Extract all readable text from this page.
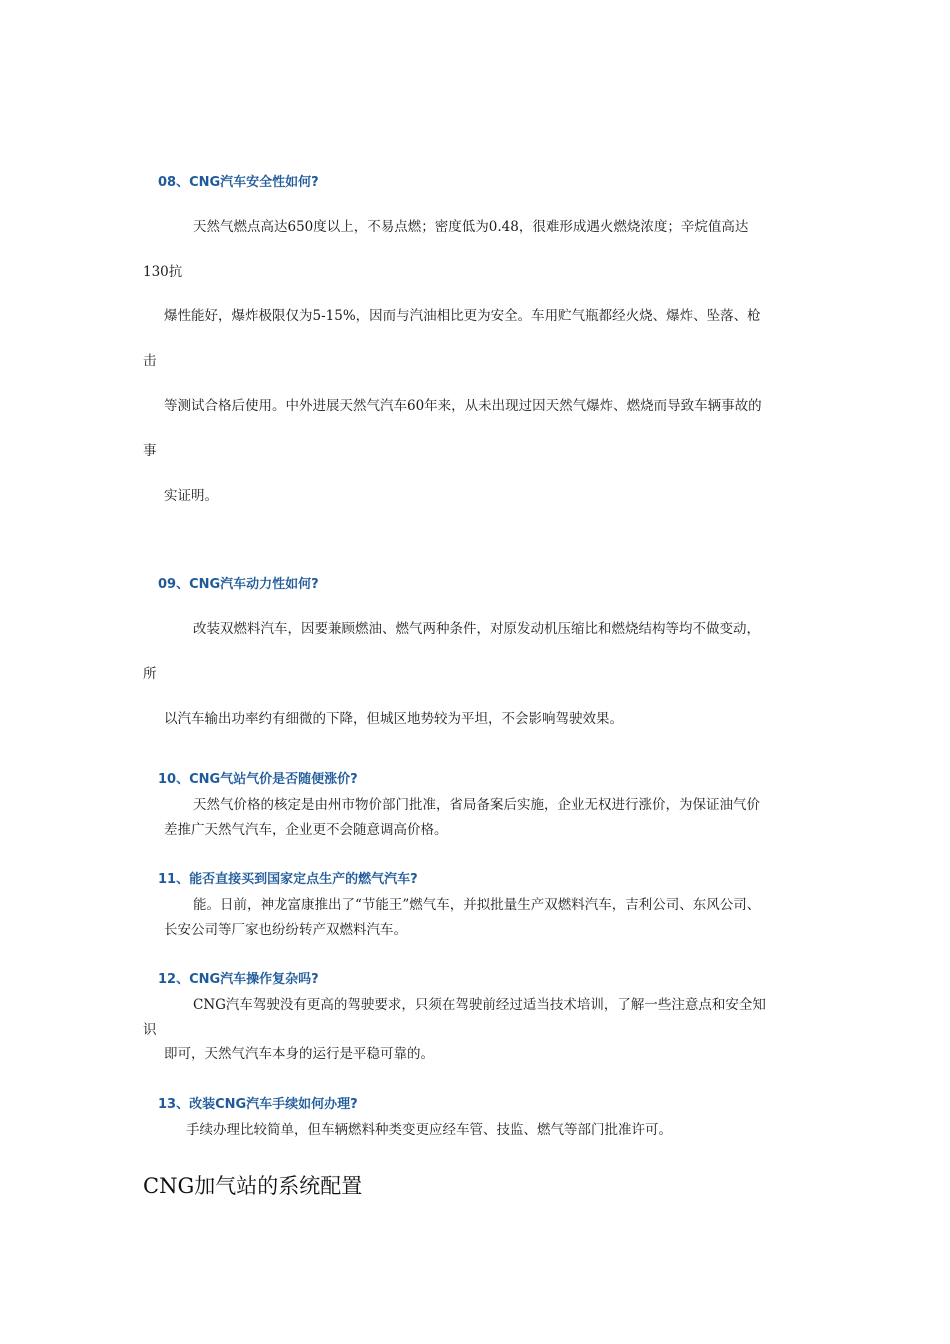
08、CNG汽车安全性如何?
天然气燃点高达650度以上，不易点燃；密度低为0.48，很难形成遇火燃烧浓度；辛烷值高达
130抗
爆性能好，爆炸极限仅为5-15%，因而与汽油相比更为安全。车用贮气瓶都经火烧、爆炸、坠落、枪
击
等测试合格后使用。中外进展天然气汽车60年来，从未出现过因天然气爆炸、燃烧而导致车辆事故的
事
实证明。
09、CNG汽车动力性如何?
改装双燃料汽车，因要兼顾燃油、燃气两种条件，对原发动机压缩比和燃烧结构等均不做变动，
所
以汽车输出功率约有细微的下降，但城区地势较为平坦，不会影响驾驶效果。
10、CNG气站气价是否随便涨价?
天然气价格的核定是由州市物价部门批准，省局备案后实施，企业无权进行涨价，为保证油气价
差推广天然气汽车，企业更不会随意调高价格。
11、能否直接买到国家定点生产的燃气汽车?
能。日前，神龙富康推出了“节能王”燃气车，并拟批量生产双燃料汽车，吉利公司、东风公司、
长安公司等厂家也纷纷转产双燃料汽车。
12、CNG汽车操作复杂吗?
CNG汽车驾驶没有更高的驾驶要求，只须在驾驶前经过适当技术培训，了解一些注意点和安全知
识
即可，天然气汽车本身的运行是平稳可靠的。
13、改装CNG汽车手续如何办理?
手续办理比较简单，但车辆燃料种类变更应经车管、技监、燃气等部门批准许可。
CNG加气站的系统配置
